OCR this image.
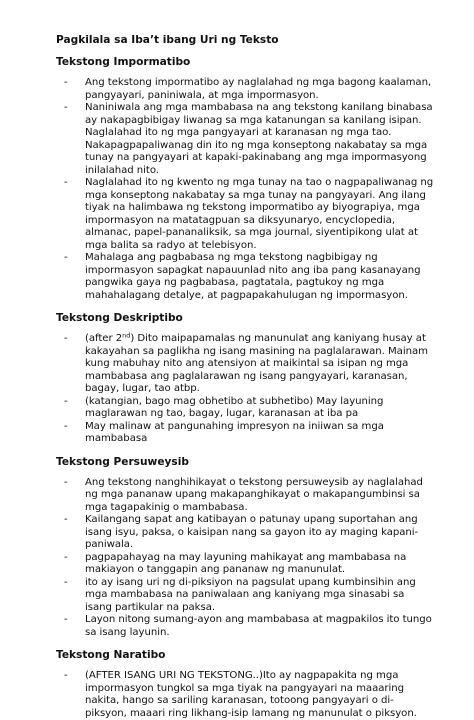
Pagkilala sa Iba’t ibang Uri ng Teksto
Tekstong Impormatibo
- Ang tekstong impormatibo ay naglalahad ng mga bagong kaalaman, pangyayari, paniniwala, at mga impormasyon.
- Naniniwala ang mga mambabasa na ang tekstong kanilang binabasa ay nakapagbibigay liwanag sa mga katanungan sa kanilang isipan. Naglalahad ito ng mga pangyayari at karanasan ng mga tao. Nakapagpapaliwanag din ito ng mga konseptong nakabatay sa mga tunay na pangyayari at kapaki-pakinabang ang mga impormasyong inilalahad nito.
- Naglalahad ito ng kwento ng mga tunay na tao o nagpapaliwanag ng mga konseptong nakabatay sa mga tunay na pangyayari. Ang ilang tiyak na halimbawa ng tekstong impormatibo ay biyograpiya, mga impormasyon na matatagpuan sa diksyunaryo, encyclopedia, almanac, papel-pananaliksik, sa mga journal, siyentipikong ulat at mga balita sa radyo at telebisyon.
- Mahalaga ang pagbabasa ng mga tekstong nagbibigay ng impormasyon sapagkat napauunlad nito ang iba pang kasanayang pangwika gaya ng pagbabasa, pagtatala, pagtukoy ng mga mahahalagang detalye, at pagpapakahulugan ng impormasyon.
Tekstong Deskriptibo
- (after 2nd) Dito maipapamalas ng manunulat ang kaniyang husay at kakayahan sa paglikha ng isang masining na paglalarawan. Mainam kung mabuhay nito ang atensiyon at maikintal sa isipan ng mga mambabasa ang paglalarawan ng isang pangyayari, karanasan, bagay, lugar, tao atbp.
- (katangian, bago mag obhetibo at subhetibo) May layuning maglarawan ng tao, bagay, lugar, karanasan at iba pa
- May malinaw at pangunahing impresyon na iniiwan sa mga mambabasa
Tekstong Persuweysib
- Ang tekstong nanghihikayat o tekstong persuweysib ay naglalahad ng mga pananaw upang makapanghikayat o makapangumbinsi sa mga tagapakinig o mambabasa.
- Kailangang sapat ang katibayan o patunay upang suportahan ang isang isyu, paksa, o kaisipan nang sa gayon ito ay maging kapani-paniwala.
- pagpapahayag na may layuning mahikayat ang mambabasa na makiayon o tanggapin ang pananaw ng manunulat.
- ito ay isang uri ng di-piksiyon na pagsulat upang kumbinsihin ang mga mambabasa na paniwalaan ang kaniyang mga sinasabi sa isang partikular na paksa.
- Layon nitong sumang-ayon ang mambabasa at magpakilos ito tungo sa isang layunin.
Tekstong Naratibo
- (AFTER ISANG URI NG TEKSTONG..)Ito ay nagpapakita ng mga impormasyon tungkol sa mga tiyak na pangyayari na maaaring nakita, hango sa sariling karanasan, totoong pangyayari o di-piksyon, maaari ring likhang-isip lamang ng manunulat o piksyon.
